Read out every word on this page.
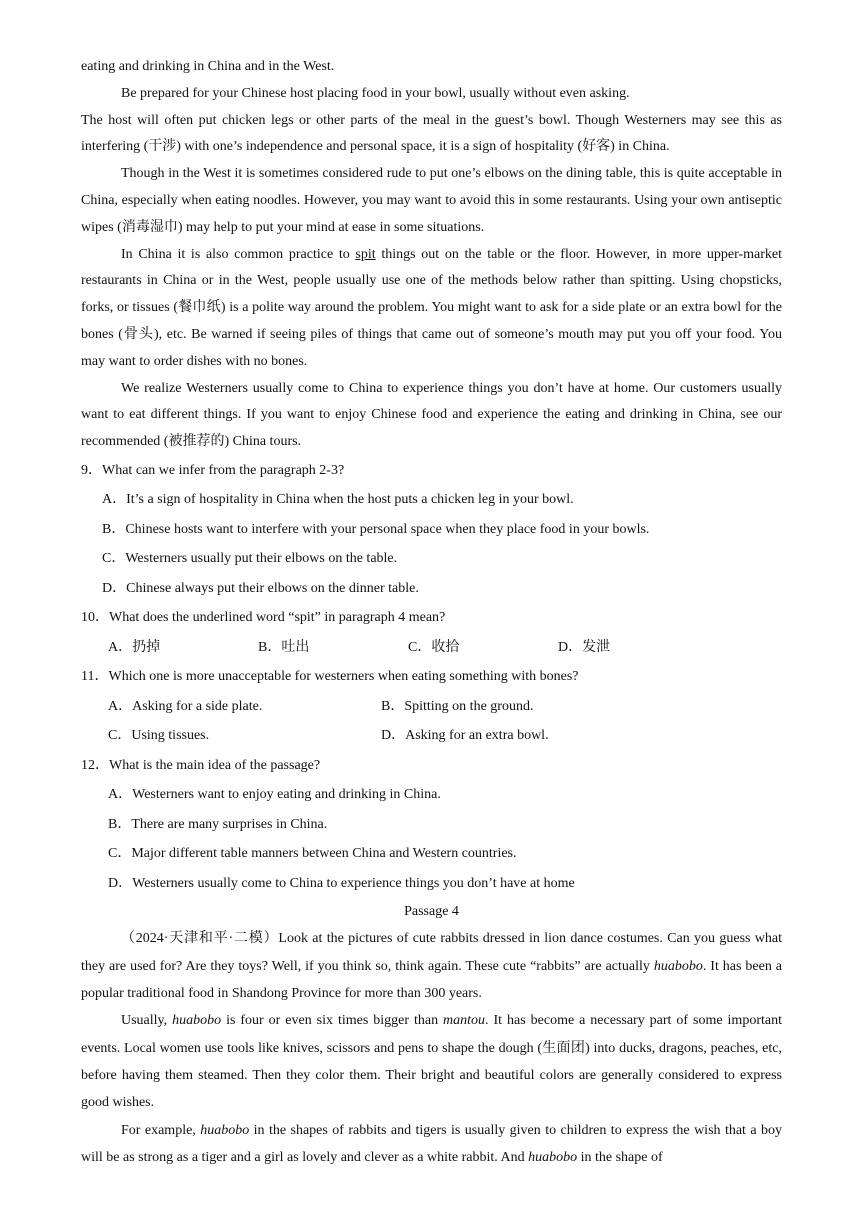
eating and drinking in China and in the West.

Be prepared for your Chinese host placing food in your bowl, usually without even asking.

The host will often put chicken legs or other parts of the meal in the guest’s bowl. Though Westerners may see this as interfering (干涉) with one’s independence and personal space, it is a sign of hospitality (好客) in China.

Though in the West it is sometimes considered rude to put one’s elbows on the dining table, this is quite acceptable in China, especially when eating noodles. However, you may want to avoid this in some restaurants. Using your own antiseptic wipes (消毒湿巾) may help to put your mind at ease in some situations.

In China it is also common practice to spit things out on the table or the floor. However, in more upper-market restaurants in China or in the West, people usually use one of the methods below rather than spitting. Using chopsticks, forks, or tissues (餐巾纸) is a polite way around the problem. You might want to ask for a side plate or an extra bowl for the bones (骨头), etc. Be warned if seeing piles of things that came out of someone’s mouth may put you off your food. You may want to order dishes with no bones.

We realize Westerners usually come to China to experience things you don’t have at home. Our customers usually want to eat different things. If you want to enjoy Chinese food and experience the eating and drinking in China, see our recommended (被推荐的) China tours.

9．What can we infer from the paragraph 2-3?

A．It’s a sign of hospitality in China when the host puts a chicken leg in your bowl.

B．Chinese hosts want to interfere with your personal space when they place food in your bowls.

C．Westerners usually put their elbows on the table.

D．Chinese always put their elbows on the dinner table.

10．What does the underlined word “spit” in paragraph 4 mean?

A．扔掉	B．吐出	C．收拾	D．发泄

11．Which one is more unacceptable for westerners when eating something with bones?

A．Asking for a side plate.	B．Spitting on the ground.
C．Using tissues.	D．Asking for an extra bowl.

12．What is the main idea of the passage?

A．Westerners want to enjoy eating and drinking in China.

B．There are many surprises in China.

C．Major different table manners between China and Western countries.

D．Westerners usually come to China to experience things you don’t have at home

Passage 4

（2024·天津和平·二模）Look at the pictures of cute rabbits dressed in lion dance costumes. Can you guess what they are used for? Are they toys? Well, if you think so, think again. These cute “rabbits” are actually huabobo. It has been a popular traditional food in Shandong Province for more than 300 years.

Usually, huabobo is four or even six times bigger than mantou. It has become a necessary part of some important events. Local women use tools like knives, scissors and pens to shape the dough (生面团) into ducks, dragons, peaches, etc, before having them steamed. Then they color them. Their bright and beautiful colors are generally considered to express good wishes.

For example, huabobo in the shapes of rabbits and tigers is usually given to children to express the wish that a boy will be as strong as a tiger and a girl as lovely and clever as a white rabbit. And huabobo in the shape of
